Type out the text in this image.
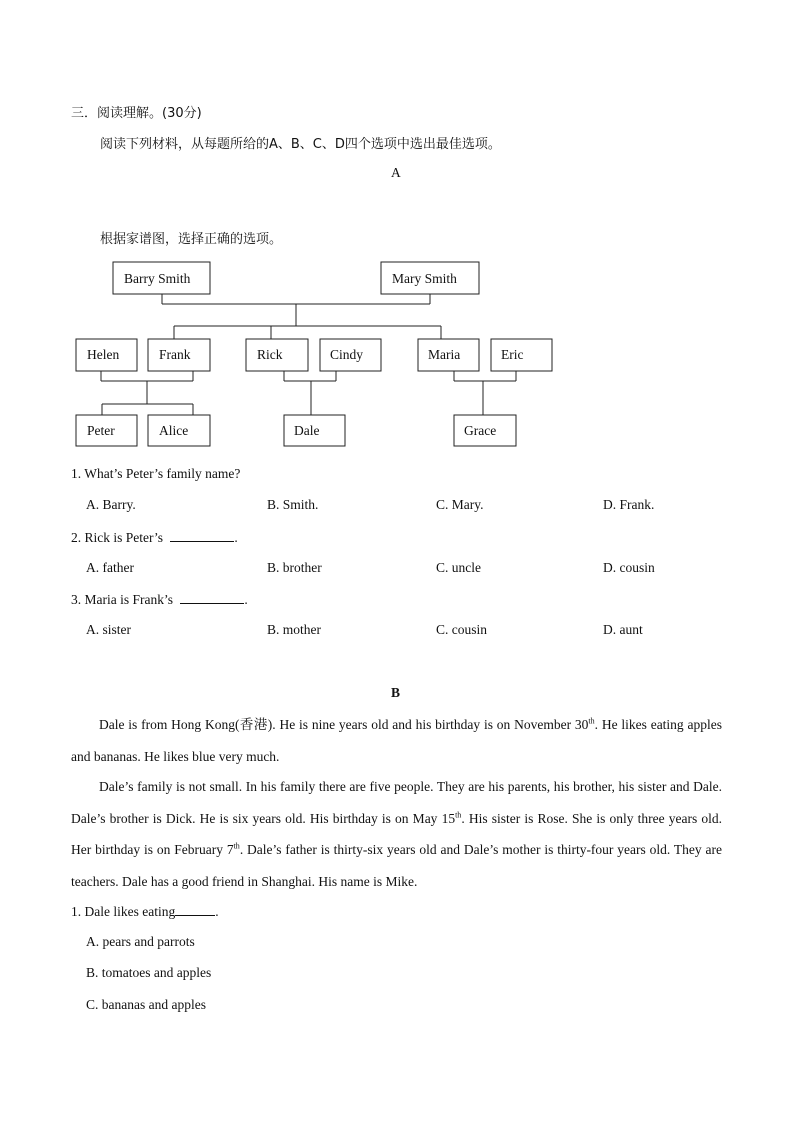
三．阅读理解。(30分)
阅读下列材料，从每题所给的A、B、C、D四个选项中选出最佳选项。
A
根据家谱图，选择正确的选项。
Barry Smith	Mary Smith
Helen	Frank	Rick	Cindy	Maria	Eric
Peter	Alice	Dale	Grace
1. What’s Peter’s family name?
A. Barry.	B. Smith.	C. Mary.	D. Frank.
2. Rick is Peter’s	.
A. father	B. brother	C. uncle	D. cousin
3. Maria is Frank’s	.
A. sister	B. mother	C. cousin	D. aunt
B
Dale is from Hong Kong(香港). He is nine years old and his birthday is on November 30th. He likes eating apples and bananas. He likes blue very much.
Dale’s family is not small. In his family there are five people. They are his parents, his brother, his sister and Dale. Dale’s brother is Dick. He is six years old. His birthday is on May 15th. His sister is Rose. She is only three years old. Her birthday is on February 7th. Dale’s father is thirty-six years old and Dale’s mother is thirty-four years old. They are teachers. Dale has a good friend in Shanghai. His name is Mike.
1. Dale likes eating	.
A. pears and parrots
B. tomatoes and apples
C. bananas and apples
